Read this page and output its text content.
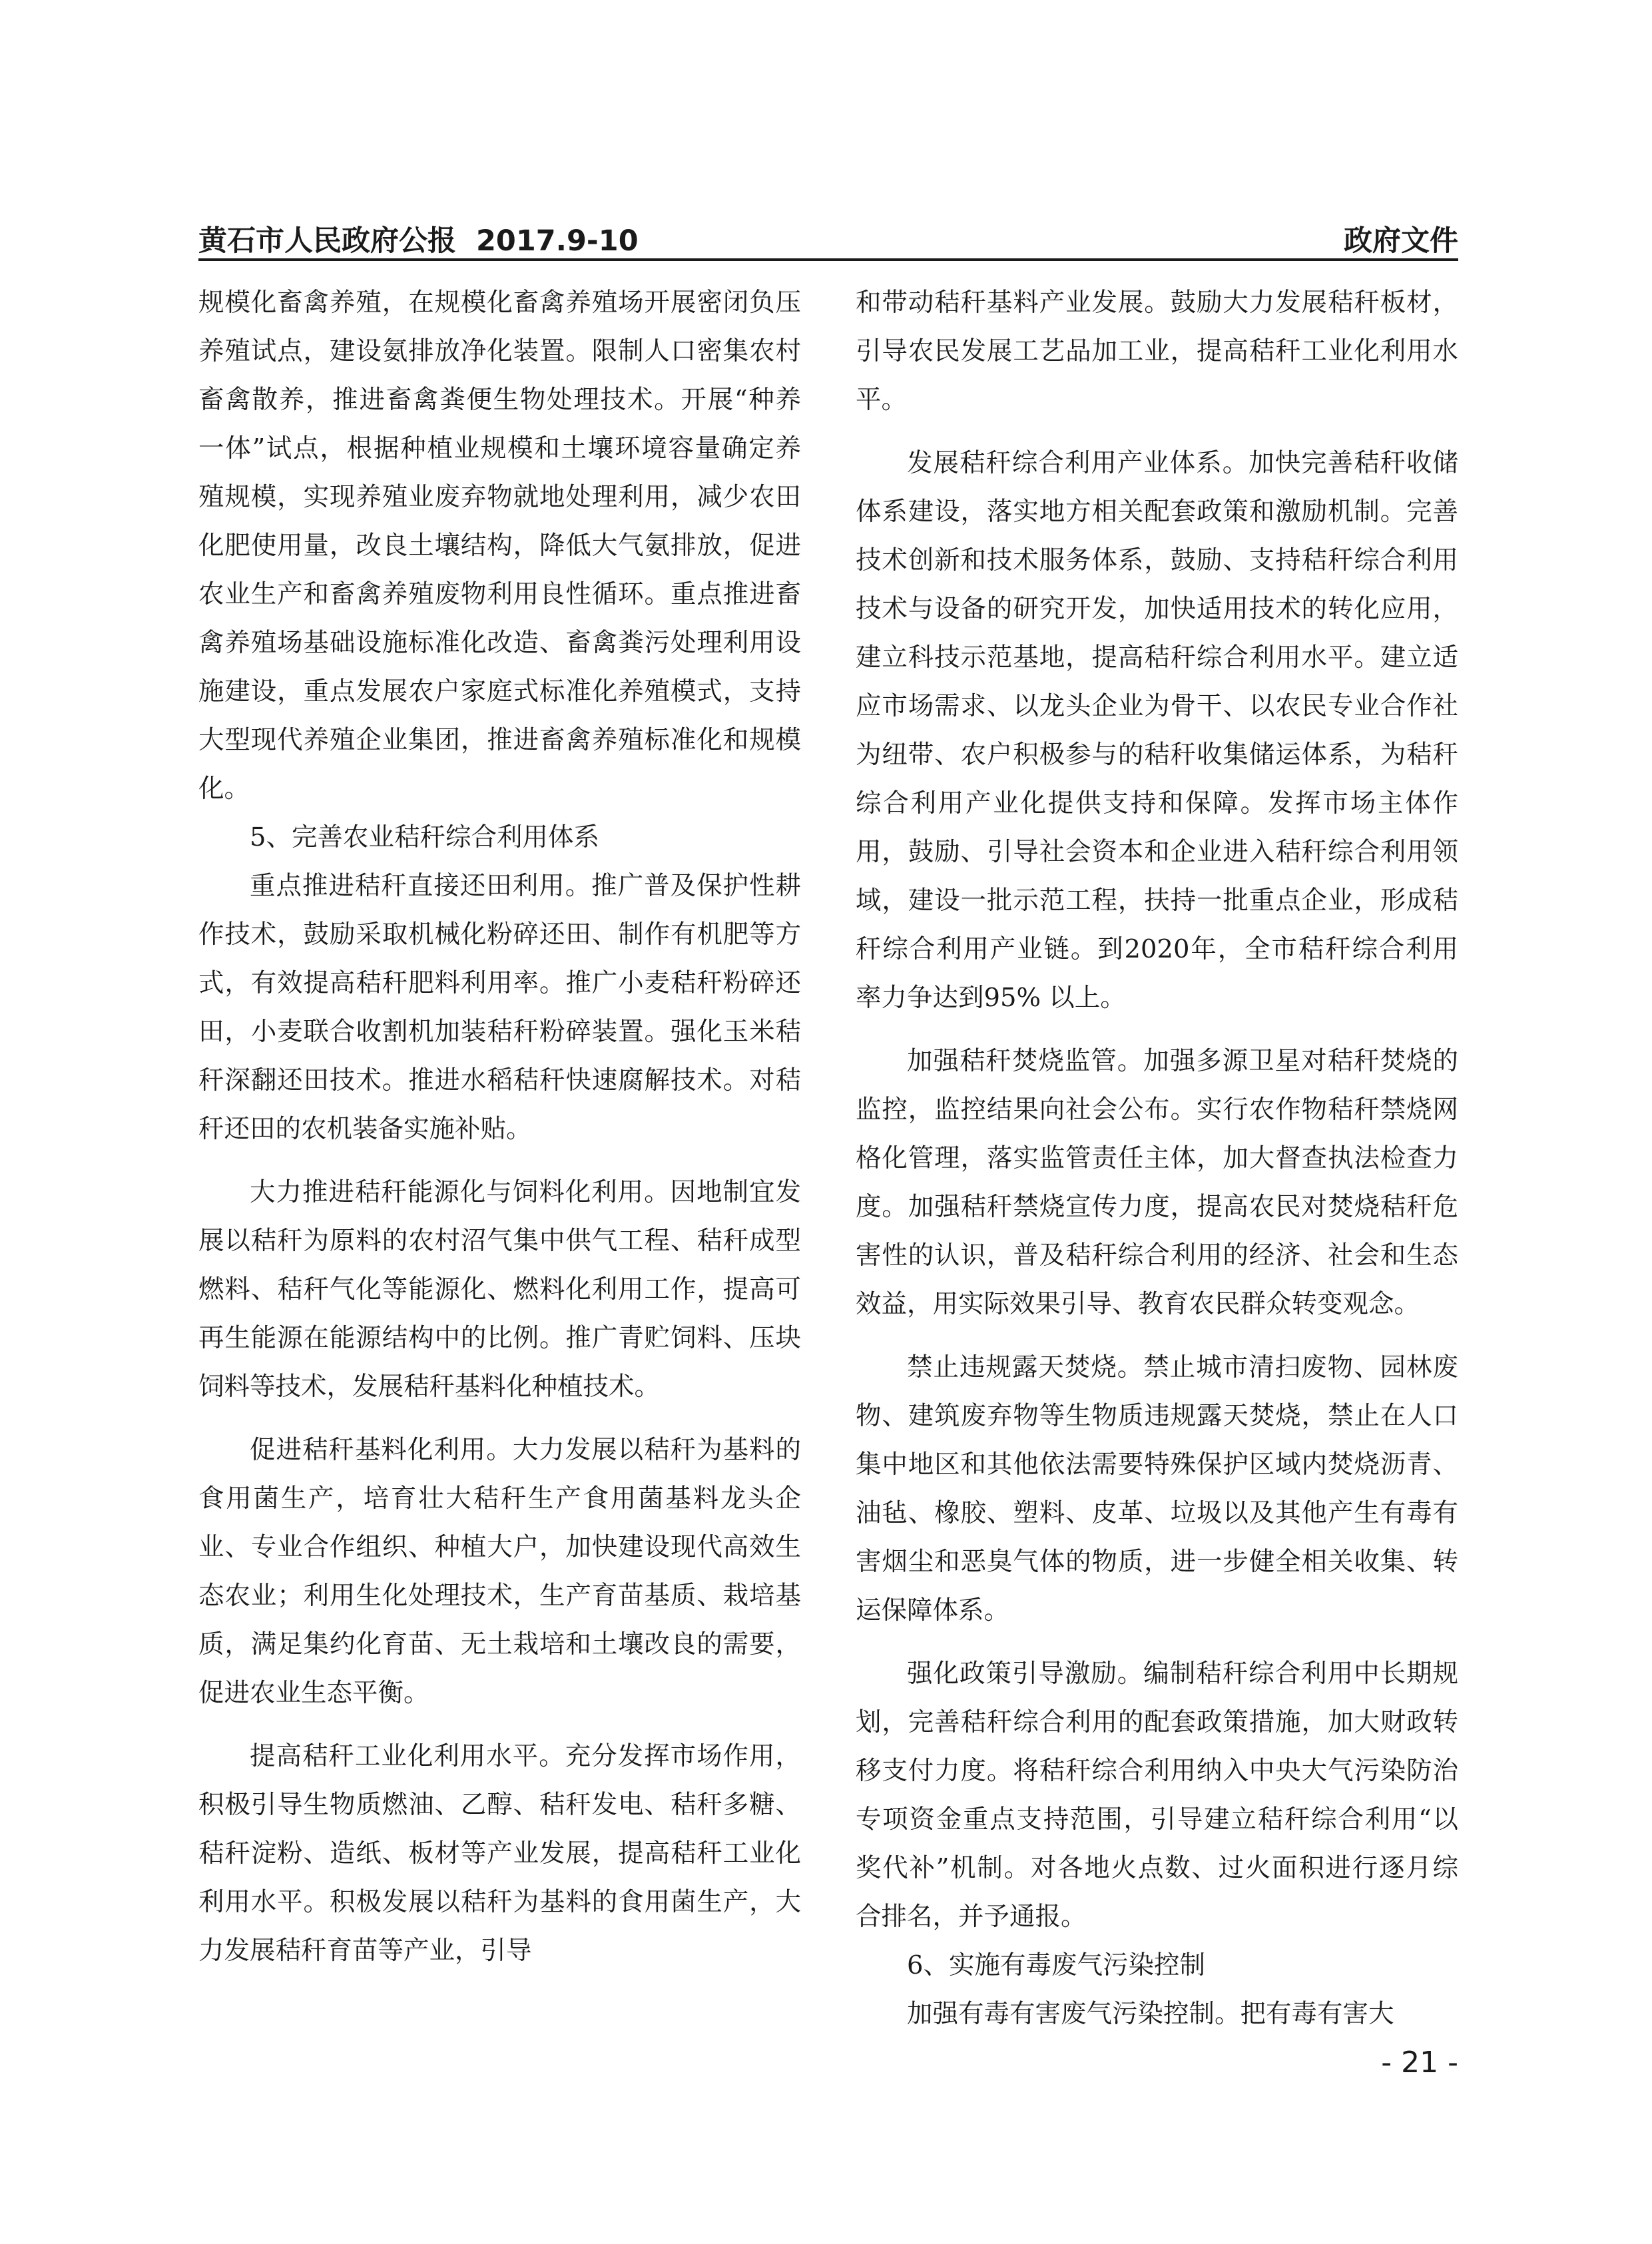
黄石市人民政府公报 2017.9-10	政府文件

规模化畜禽养殖，在规模化畜禽养殖场开展密闭负压养殖试点，建设氨排放净化装置。限制人口密集农村畜禽散养，推进畜禽粪便生物处理技术。开展“种养一体”试点，根据种植业规模和土壤环境容量确定养殖规模，实现养殖业废弃物就地处理利用，减少农田化肥使用量，改良土壤结构，降低大气氨排放，促进农业生产和畜禽养殖废物利用良性循环。重点推进畜禽养殖场基础设施标准化改造、畜禽粪污处理利用设施建设，重点发展农户家庭式标准化养殖模式，支持大型现代养殖企业集团，推进畜禽养殖标准化和规模化。

5、完善农业秸秆综合利用体系

重点推进秸秆直接还田利用。推广普及保护性耕作技术，鼓励采取机械化粉碎还田、制作有机肥等方式，有效提高秸秆肥料利用率。推广小麦秸秆粉碎还田，小麦联合收割机加装秸秆粉碎装置。强化玉米秸秆深翻还田技术。推进水稻秸秆快速腐解技术。对秸秆还田的农机装备实施补贴。

大力推进秸秆能源化与饲料化利用。因地制宜发展以秸秆为原料的农村沼气集中供气工程、秸秆成型燃料、秸秆气化等能源化、燃料化利用工作，提高可再生能源在能源结构中的比例。推广青贮饲料、压块饲料等技术，发展秸秆基料化种植技术。

促进秸秆基料化利用。大力发展以秸秆为基料的食用菌生产，培育壮大秸秆生产食用菌基料龙头企业、专业合作组织、种植大户，加快建设现代高效生态农业；利用生化处理技术，生产育苗基质、栽培基质，满足集约化育苗、无土栽培和土壤改良的需要，促进农业生态平衡。

提高秸秆工业化利用水平。充分发挥市场作用，积极引导生物质燃油、乙醇、秸秆发电、秸秆多糖、秸秆淀粉、造纸、板材等产业发展，提高秸秆工业化利用水平。积极发展以秸秆为基料的食用菌生产，大力发展秸秆育苗等产业，引导

和带动秸秆基料产业发展。鼓励大力发展秸秆板材，引导农民发展工艺品加工业，提高秸秆工业化利用水平。

发展秸秆综合利用产业体系。加快完善秸秆收储体系建设，落实地方相关配套政策和激励机制。完善技术创新和技术服务体系，鼓励、支持秸秆综合利用技术与设备的研究开发，加快适用技术的转化应用，建立科技示范基地，提高秸秆综合利用水平。建立适应市场需求、以龙头企业为骨干、以农民专业合作社为纽带、农户积极参与的秸秆收集储运体系，为秸秆综合利用产业化提供支持和保障。发挥市场主体作用，鼓励、引导社会资本和企业进入秸秆综合利用领域，建设一批示范工程，扶持一批重点企业，形成秸秆综合利用产业链。到2020年，全市秸秆综合利用率力争达到95% 以上。

加强秸秆焚烧监管。加强多源卫星对秸秆焚烧的监控，监控结果向社会公布。实行农作物秸秆禁烧网格化管理，落实监管责任主体，加大督查执法检查力度。加强秸秆禁烧宣传力度，提高农民对焚烧秸秆危害性的认识，普及秸秆综合利用的经济、社会和生态效益，用实际效果引导、教育农民群众转变观念。

禁止违规露天焚烧。禁止城市清扫废物、园林废物、建筑废弃物等生物质违规露天焚烧，禁止在人口集中地区和其他依法需要特殊保护区域内焚烧沥青、油毡、橡胶、塑料、皮革、垃圾以及其他产生有毒有害烟尘和恶臭气体的物质，进一步健全相关收集、转运保障体系。

强化政策引导激励。编制秸秆综合利用中长期规划，完善秸秆综合利用的配套政策措施，加大财政转移支付力度。将秸秆综合利用纳入中央大气污染防治专项资金重点支持范围，引导建立秸秆综合利用“以奖代补”机制。对各地火点数、过火面积进行逐月综合排名，并予通报。

6、实施有毒废气污染控制

加强有毒有害废气污染控制。把有毒有害大

- 21 -
